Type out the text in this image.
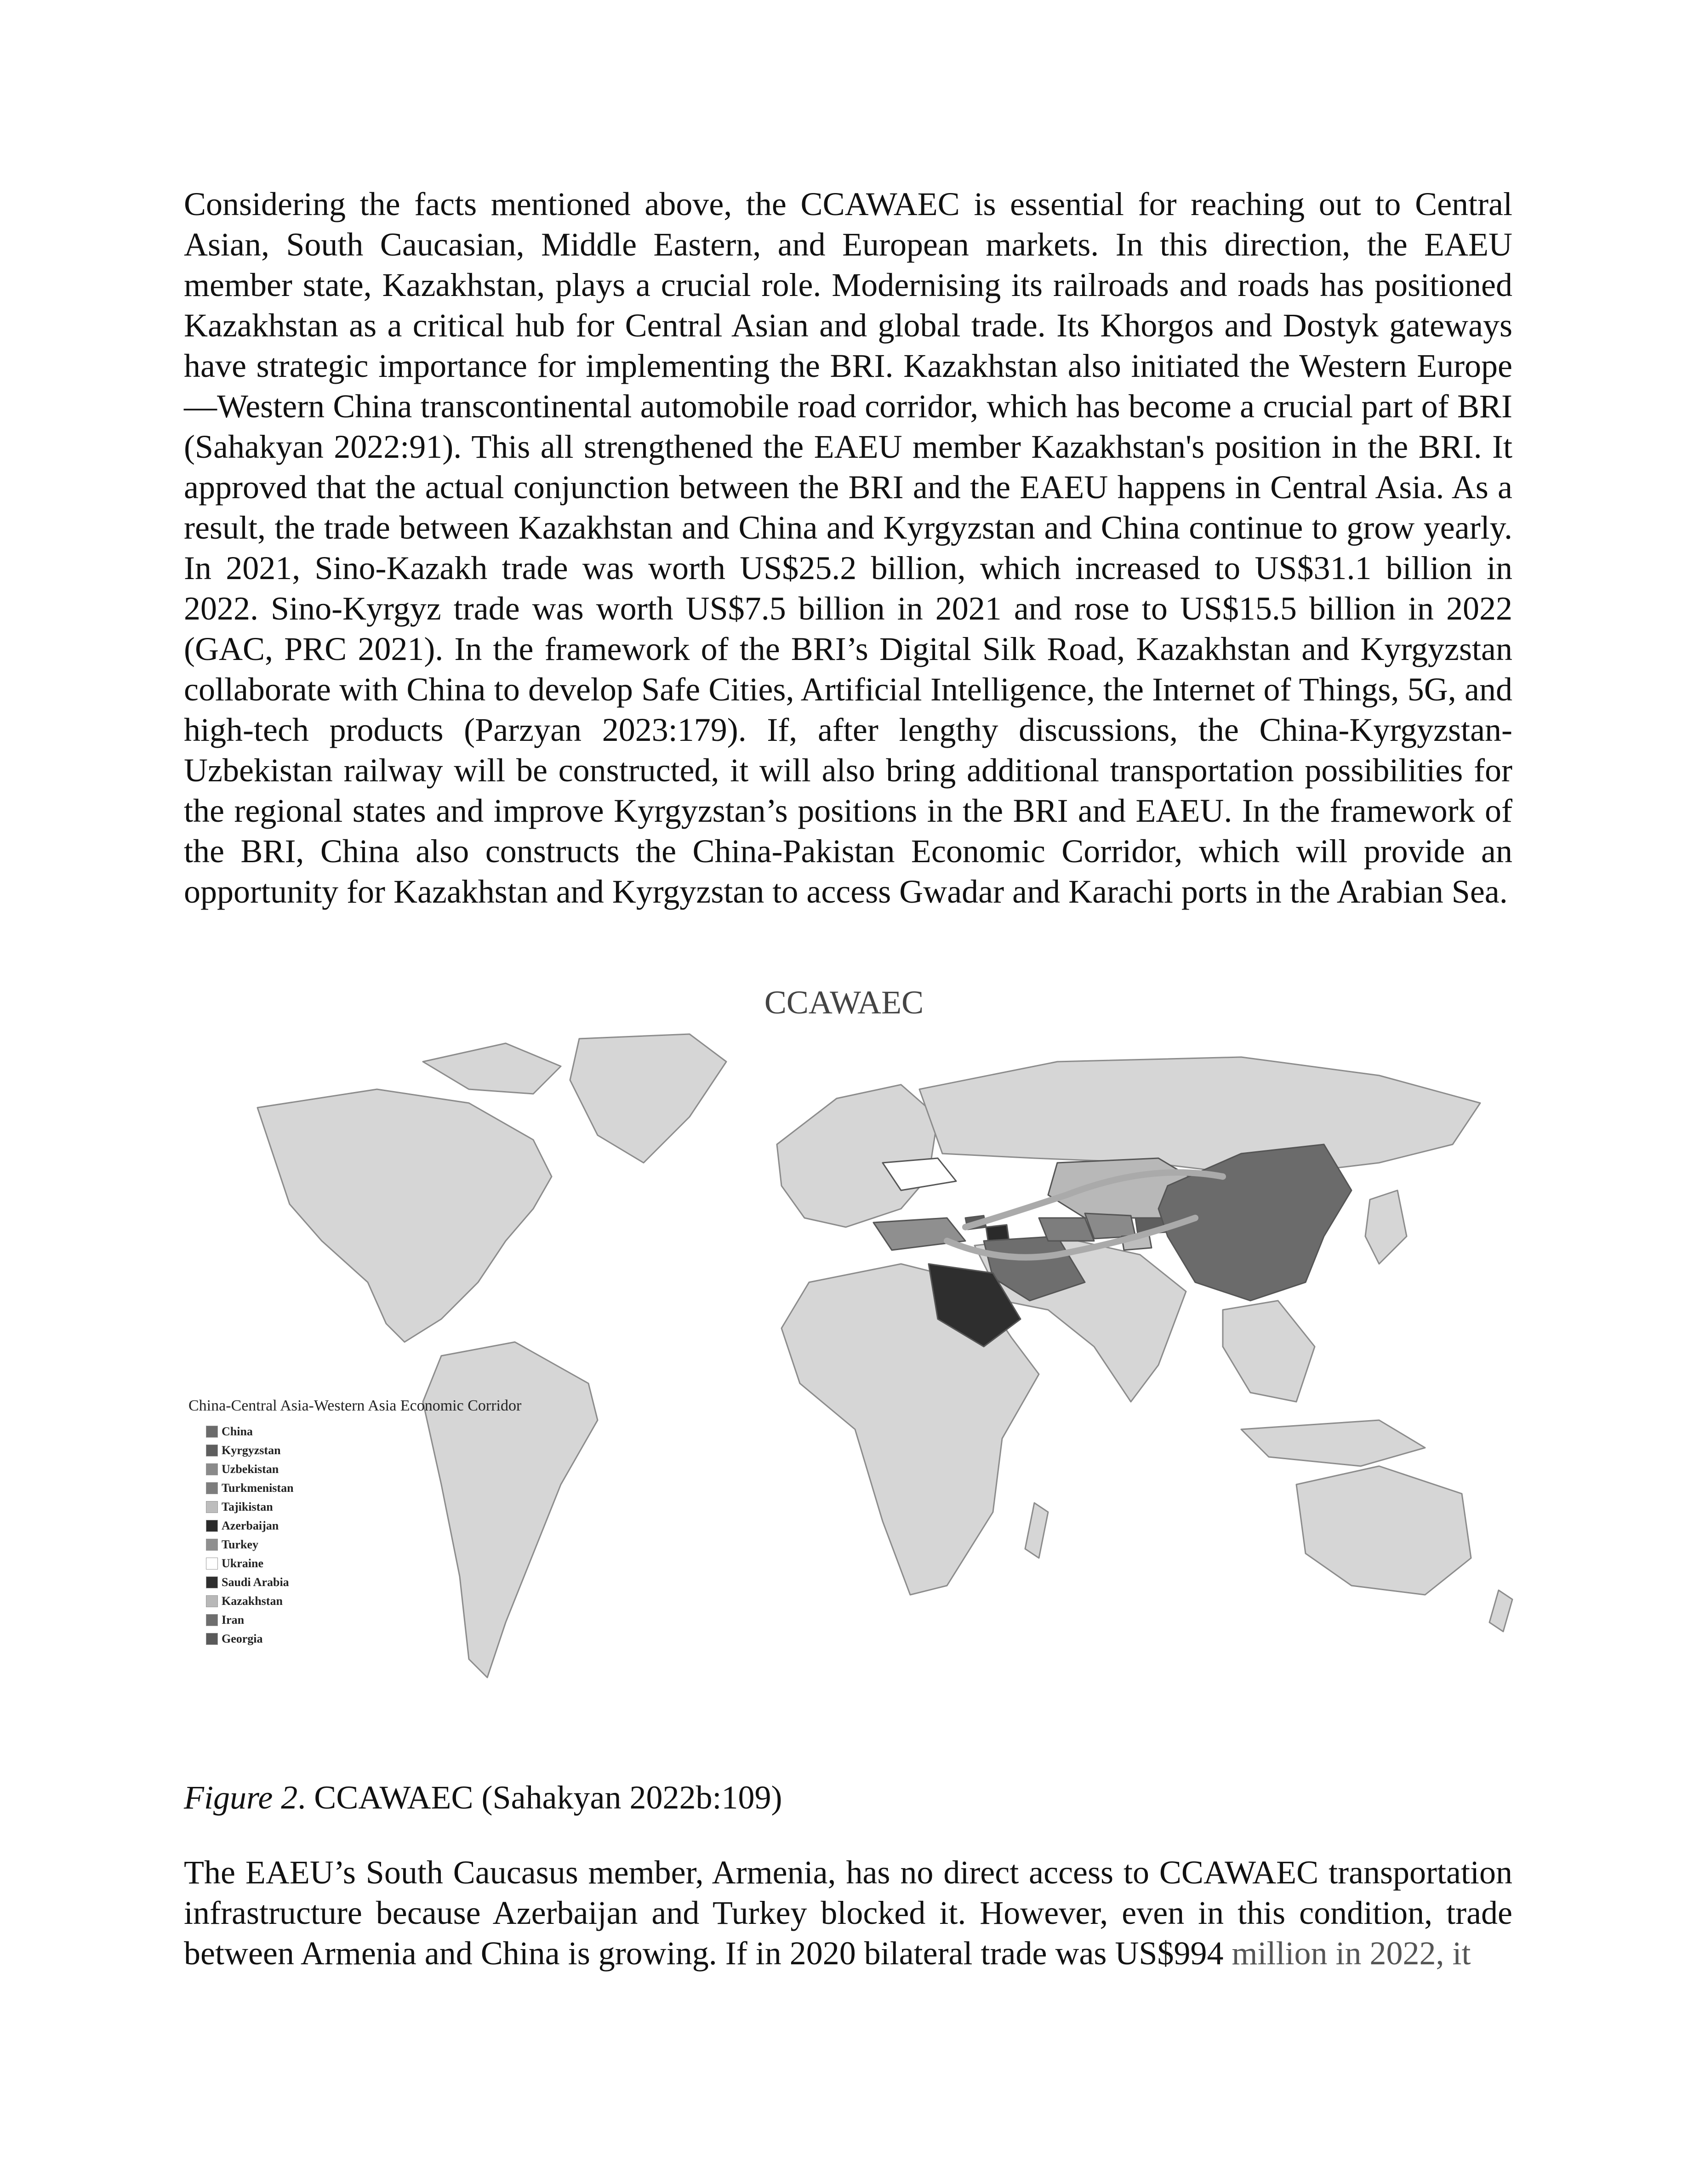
Considering the facts mentioned above, the CCAWAEC is essential for reaching out to Central Asian, South Caucasian, Middle Eastern, and European markets. In this direction, the EAEU member state, Kazakhstan, plays a crucial role. Modernising its railroads and roads has positioned Kazakhstan as a critical hub for Central Asian and global trade. Its Khorgos and Dostyk gateways have strategic importance for implementing the BRI. Kazakhstan also initiated the Western Europe—Western China transcontinental automobile road corridor, which has become a crucial part of BRI (Sahakyan 2022:91). This all strengthened the EAEU member Kazakhstan's position in the BRI. It approved that the actual conjunction between the BRI and the EAEU happens in Central Asia. As a result, the trade between Kazakhstan and China and Kyrgyzstan and China continue to grow yearly. In 2021, Sino-Kazakh trade was worth US$25.2 billion, which increased to US$31.1 billion in 2022. Sino-Kyrgyz trade was worth US$7.5 billion in 2021 and rose to US$15.5 billion in 2022 (GAC, PRC 2021). In the framework of the BRI’s Digital Silk Road, Kazakhstan and Kyrgyzstan collaborate with China to develop Safe Cities, Artificial Intelligence, the Internet of Things, 5G, and high-tech products (Parzyan 2023:179). If, after lengthy discussions, the China-Kyrgyzstan-Uzbekistan railway will be constructed, it will also bring additional transportation possibilities for the regional states and improve Kyrgyzstan’s positions in the BRI and EAEU. In the framework of the BRI, China also constructs the China-Pakistan Economic Corridor, which will provide an opportunity for Kazakhstan and Kyrgyzstan to access Gwadar and Karachi ports in the Arabian Sea.

CCAWAEC

China-Central Asia-Western Asia Economic Corridor

China
Kyrgyzstan
Uzbekistan
Turkmenistan
Tajikistan
Azerbaijan
Turkey
Ukraine
Saudi Arabia
Kazakhstan
Iran
Georgia

Figure 2. CCAWAEC (Sahakyan 2022b:109)

The EAEU’s South Caucasus member, Armenia, has no direct access to CCAWAEC transportation infrastructure because Azerbaijan and Turkey blocked it. However, even in this condition, trade between Armenia and China is growing. If in 2020 bilateral trade was US$994 million in 2022, it
